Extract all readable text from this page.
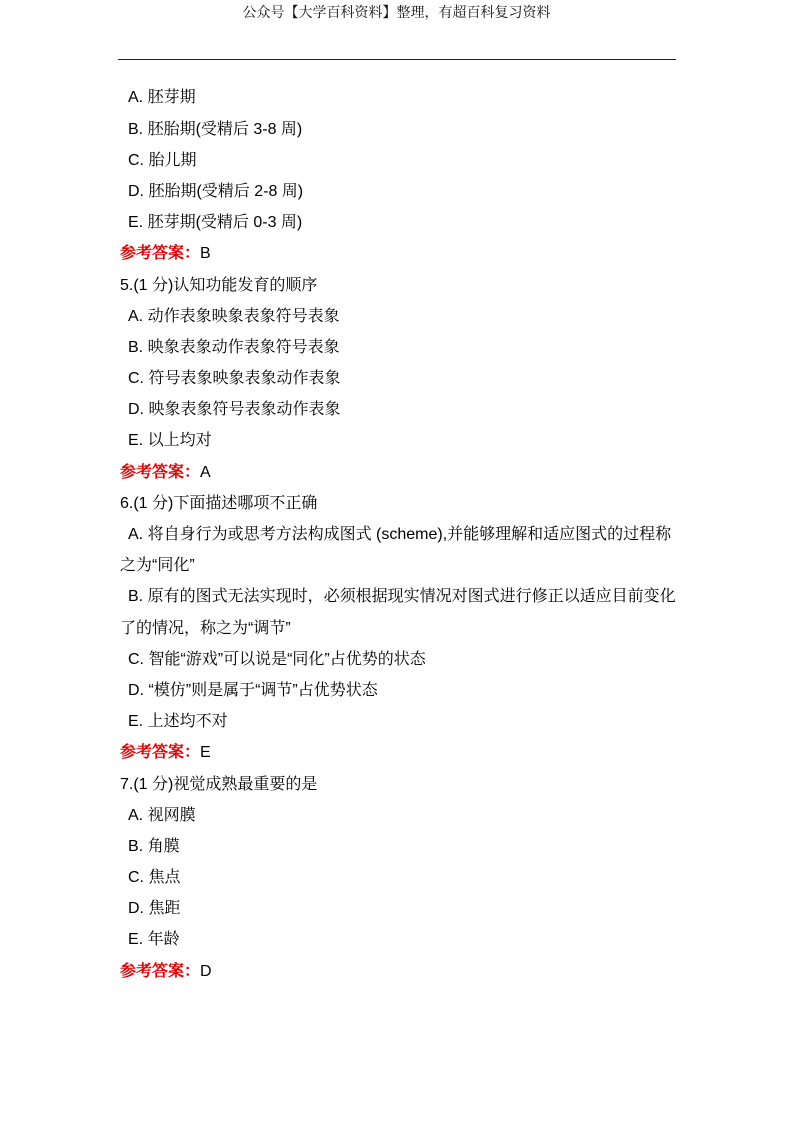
公众号【大学百科资料】整理，有超百科复习资料
A. 胚芽期
B. 胚胎期(受精后 3-8 周)
C. 胎儿期
D. 胚胎期(受精后 2-8 周)
E. 胚芽期(受精后 0-3 周)
参考答案：B
5.(1 分)认知功能发育的顺序
A. 动作表象映象表象符号表象
B. 映象表象动作表象符号表象
C. 符号表象映象表象动作表象
D. 映象表象符号表象动作表象
E. 以上均对
参考答案：A
6.(1 分)下面描述哪项不正确
A. 将自身行为或思考方法构成图式 (scheme),并能够理解和适应图式的过程称
之为“同化”
B. 原有的图式无法实现时，必须根据现实情况对图式进行修正以适应目前变化
了的情况，称之为“调节”
C. 智能“游戏”可以说是“同化”占优势的状态
D. “模仿”则是属于“调节”占优势状态
E. 上述均不对
参考答案：E
7.(1 分)视觉成熟最重要的是
A. 视网膜
B. 角膜
C. 焦点
D. 焦距
E. 年龄
参考答案：D
